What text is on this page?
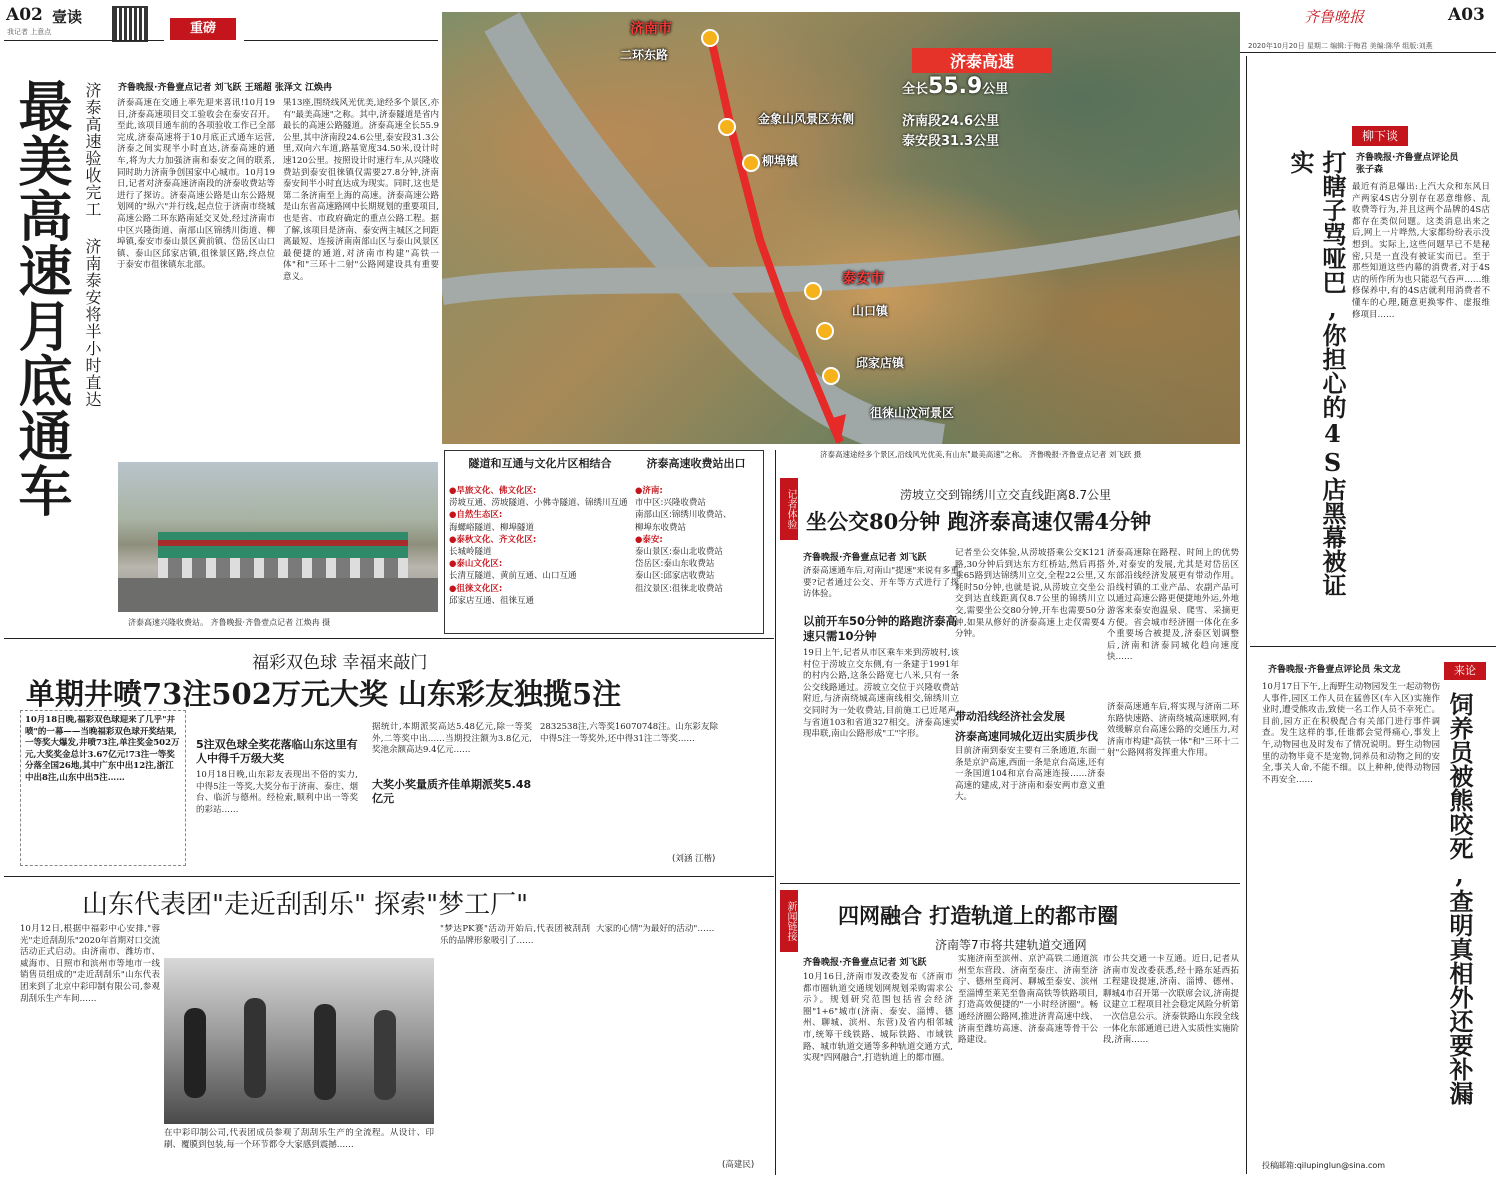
A02 壹读
我记者 上意点	重磅
齐鲁晚报	A03
2020年10月20日 星期二 编辑:于梅君 美编:陈华 组版:刘燕
最美高速月底通车 济泰高速验收完工 济南泰安将半小时直达 齐鲁晚报·齐鲁壹点记者 刘飞跃 王瑶超 张泽文 江焕冉
济泰高速在交通上率先迎来喜讯!10月19日,济泰高速项目交工验收会在泰安召开。至此,该项目通车前的各项验收工作已全部完成,济泰高速将于10月底正式通车运营,济泰之间实现半小时直达,济泰高速的通车,将为大力加强济南和泰安之间的联系,同时助力济南争创国家中心城市。10月19日,记者对济泰高速济南段的济泰收费站等进行了探访。济泰高速公路是山东公路规划网的"纵六"并行线,起点位于济南市绕城高速公路二环东路南延交叉处,经过济南市中区兴隆街道、南部山区锦绣川街道、柳埠镇,泰安市泰山景区黄前镇、岱岳区山口镇、泰山区邱家店镇,徂徕景区路,终点位于泰安市徂徕镇东北部。
果13座,围绕线风光优美,途经多个景区,亦有"最美高速"之称。其中,济泰隧道是省内最长的高速公路隧道。济泰高速全长55.9公里,其中济南段24.6公里,泰安段31.3公里,双向六车道,路基宽度34.50米,设计时速120公里。按照设计时速行车,从兴隆收费站到泰安徂徕镇仅需要27.8分钟,济南泰安间半小时直达成为现实。同时,这也是第二条济南至上海的高速。济泰高速公路是山东省高速路网中长期规划的重要项目,也是省、市政府确定的重点公路工程。据了解,该项目是济南、泰安两主城区之间距离最短、连接济南南部山区与泰山风景区最便捷的通道,对济南市构建"高铁一体"和"三环十二射"公路网建设具有重要意义。
济泰高速兴隆收费站。 齐鲁晚报·齐鲁壹点记者 江焕冉 摄
隧道和互通与文化片区相结合
●旱旅文化、佛文化区:
涝坡互通、涝坡隧道、小佛寺隧道、锦绣川互通
●自然生态区:
海螺峪隧道、柳埠隧道
●泰秋文化、齐文化区:
长城岭隧道
●泰山文化区:
长清互隧道、黄前互通、山口互通
●徂徕文化区:
邱家店互通、徂徕互通
济泰高速收费站出口
●济南:
市中区:兴隆收费站
南部山区:锦绣川收费站、
柳埠东收费站
●泰安:
泰山景区:泰山北收费站
岱岳区:泰山东收费站
泰山区:邱家店收费站
徂汶景区:徂徕北收费站
济南市
二环东路
金象山风景区东侧
柳埠镇
泰安市
山口镇
邱家店镇
徂徕山汶河景区
济泰高速
全长55.9公里
济南段24.6公里
泰安段31.3公里
济泰高速途经多个景区,沿线风光优美,有山东"最美高速"之称。 齐鲁晚报·齐鲁壹点记者 刘飞跃 摄
涝坡立交到锦绣川立交直线距离8.7公里
记者体验 坐公交80分钟 跑济泰高速仅需4分钟
齐鲁晚报·齐鲁壹点记者 刘飞跃
济泰高速通车后,对南山"提速"来说有多重要?记者通过公交、开车等方式进行了探访体验。
以前开车50分钟的路跑济泰高速只需10分钟
19日上午,记者从市区乘车来到涝坡村,该村位于涝坡立交东侧,有一条建于1991年的村内公路,这条公路宽七八米,只有一条公交线路通过。涝坡立交位于兴隆收费站附近,与济南绕城高速南线相交,锦绣川立交同时为一处收费站,目前施工已近尾声,与省道103和省道327相交。济泰高速实现串联,南山公路形成"工"字形。
记者坐公交体验,从涝坡搭乘公交K121路,30分钟后到达东方红桥站,然后再搭乘65路到达锦绣川立交,全程22公里,又耗时50分钟,也就是说,从涝坡立交坐公交到达直线距离仅8.7公里的锦绣川立交,需要坐公交80分钟,开车也需要50分钟,如果从修好的济泰高速上走仅需要4分钟。
带动沿线经济社会发展
济泰高速同城化迈出实质步伐
目前济南到泰安主要有三条通道,东面一条是京沪高速,西面一条是京台高速,还有一条国道104和京台高速连接……济泰高速的建成,对于济南和泰安两市意义重大。
济泰高速除在路程、时间上的优势外,对泰安的发展,尤其是对岱岳区东部沿线经济发展更有带动作用。沿线村镇的工业产品、农副产品可以通过高速公路更便捷地外运,外地游客来泰安泡温泉、爬雪、采摘更方便。省会城市经济圈一体化在多个重要场合被提及,济泰区划调整后,济南和济泰同城化趋向速度快……
济泰高速通车后,将实现与济南二环东路快速路、济南绕城高速联网,有效缓解京台高速公路的交通压力,对济南市构建"高铁一体"和"三环十二射"公路网将发挥重大作用。
新闻链接 四网融合 打造轨道上的都市圈
济南等7市将共建轨道交通网
齐鲁晚报·齐鲁壹点记者 刘飞跃
10月16日,济南市发改委发布《济南市都市圈轨道交通规划网规划采购需求公示》。规划研究范围包括省会经济圈"1+6"城市(济南、泰安、淄博、德州、聊城、滨州、东营)及省内相邻城市,统筹干线铁路、城际铁路、市域铁路、城市轨道交通等多种轨道交通方式,实现"四网融合",打造轨道上的都市圈。
实施济南至滨州、京沪高铁二通道滨州至东营段、济南至泰庄、济南至济宁、德州至商河、聊城至泰安、滨州至淄博至莱芜至鲁南高铁等铁路项目,打造高效便捷的"一小时经济圈"。畅通经济圈公路网,推进济青高速中线、济南至潍坊高速、济泰高速等骨干公路建设。
市公共交通一卡互通。近日,记者从济南市发改委获悉,经十路东延西拓工程建设提速,济南、淄博、德州、聊城4市召开第一次联席会议,济南提议建立工程项目社会稳定风险分析第一次信息公示。济泰铁路山东段全线一体化东部通道已进入实质性实施阶段,济南……
福彩双色球 幸福来敲门
单期井喷73注502万元大奖 山东彩友独揽5注
10月18日晚,福彩双色球迎来了几乎"井喷"的一幕——当晚福彩双色球开奖结果,一等奖大爆发,井喷73注,单注奖金502万元,大奖奖金总计3.67亿元!73注一等奖分落全国26地,其中广东中出12注,浙江中出8注,山东中出5注……
5注双色球全奖花落临山东这里有人中得千万级大奖
10月18日晚,山东彩友表现出不俗的实力,中得5注一等奖,大奖分布于济南、泰庄、烟台、临沂与德州。经检索,顺利中出一等奖的彩站……
大奖小奖量质齐佳单期派奖5.48亿元
据统计,本期派奖高达5.48亿元,除一等奖外,二等奖中出……当期投注额为3.8亿元,奖池余额高达9.4亿元……
2832538注,六等奖16070748注。山东彩友除中得5注一等奖外,还中得31注二等奖……
(刘涵 江楷)
山东代表团"走近刮刮乐" 探索"梦工厂"
10月12日,根据中福彩中心安排,"蓉光"走近刮刮乐"2020年首期对口交流活动正式启动。由济南市、潍坊市、威海市、日照市和滨州市等地市一线销售员组成的"走近刮刮乐"山东代表团来到了北京中彩印制有限公司,参观刮刮乐生产车间……
在中彩印制公司,代表团成员参观了刮刮乐生产的全流程。从设计、印刷、覆膜到包装,每一个环节都令大家感到震撼……
"梦达PK赛"活动开始后,代表团被刮刮乐的品牌形象吸引了……
大家的心情"为最好的活动"……
(高建民)
柳下谈
打瞎子骂哑巴,你担心的4S店黑幕被证实	齐鲁晚报·齐鲁壹点评论员 张子森
最近有消息爆出:上汽大众和东风日产两家4S店分别存在恶意维修、乱收费等行为,并且这两个品牌的4S店都存在类似问题。这类消息出来之后,网上一片哗然,大家都纷纷表示没想到。实际上,这些问题早已不是秘密,只是一直没有被证实而已。至于那些知道这些内幕的消费者,对于4S店的所作所为也只能忍气吞声……维修保养中,有的4S店就利用消费者不懂车的心理,随意更换零件、虚报维修项目……
齐鲁晚报·齐鲁壹点评论员 朱文龙	来论
10月17日下午,上海野生动物园发生一起动物伤人事件,园区工作人员在猛兽区(车入区)实施作业时,遭受熊攻击,致使一名工作人员不幸死亡。目前,园方正在积极配合有关部门进行事件调查。发生这样的事,任谁都会觉得痛心,事发上午,动物园也及时发布了情况说明。野生动物园里的动物毕竟不是宠物,饲养员和动物之间的安全,事关人命,不能不细。以上种种,使得动物园不再安全……	饲养员被熊咬死,查明真相外还要补漏
投稿邮箱:qilupinglun@sina.com
